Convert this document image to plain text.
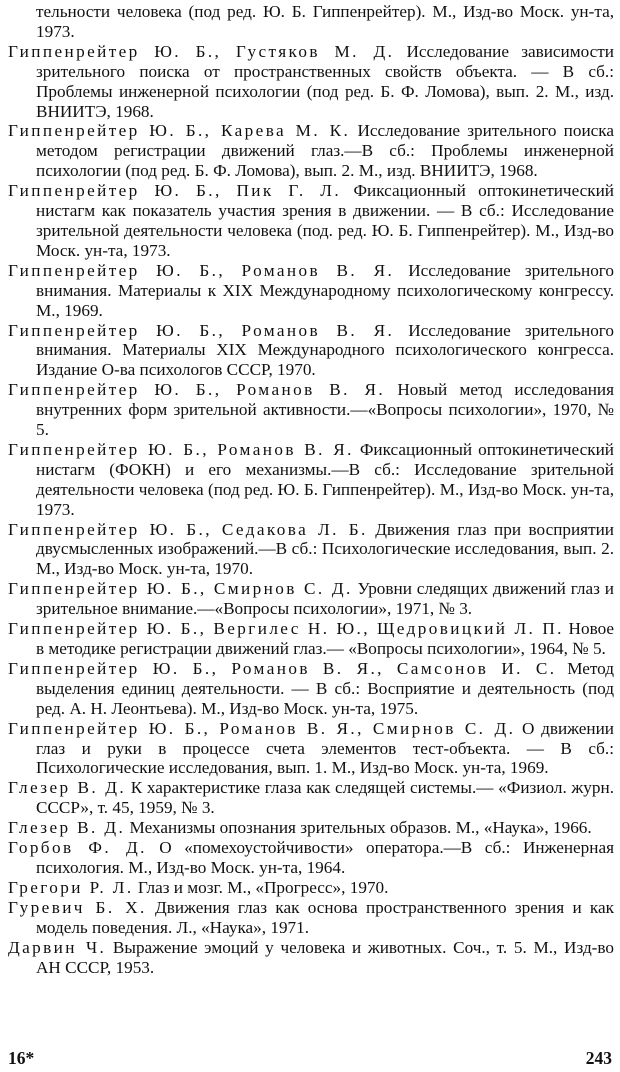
тельности человека (под ред. Ю. Б. Гиппенрейтер). М., Изд-во Моск. ун-та, 1973.

Гиппенрейтер Ю. Б., Густяков М. Д. Исследование зависимости зрительного поиска от пространственных свойств объекта. — В сб.: Проблемы инженерной психологии (под ред. Б. Ф. Ломова), вып. 2. М., изд. ВНИИТЭ, 1968.

Гиппенрейтер Ю. Б., Карева М. К. Исследование зрительного поиска методом регистрации движений глаз.—В сб.: Проблемы инженерной психологии (под ред. Б. Ф. Ломова), вып. 2. М., изд. ВНИИТЭ, 1968.

Гиппенрейтер Ю. Б., Пик Г. Л. Фиксационный оптокинетический нистагм как показатель участия зрения в движении. — В сб.: Исследование зрительной деятельности человека (под. ред. Ю. Б. Гиппенрейтер). М., Изд-во Моск. ун-та, 1973.

Гиппенрейтер Ю. Б., Романов В. Я. Исследование зрительного внимания. Материалы к XIX Международному психологическому конгрессу. М., 1969.

Гиппенрейтер Ю. Б., Романов В. Я. Исследование зрительного внимания. Материалы XIX Международного психологического конгресса. Издание О-ва психологов СССР, 1970.

Гиппенрейтер Ю. Б., Романов В. Я. Новый метод исследования внутренних форм зрительной активности.—«Вопросы психологии», 1970, № 5.

Гиппенрейтер Ю. Б., Романов В. Я. Фиксационный оптокинетический нистагм (ФОКН) и его механизмы.—В сб.: Исследование зрительной деятельности человека (под ред. Ю. Б. Гиппенрейтер). М., Изд-во Моск. ун-та, 1973.

Гиппенрейтер Ю. Б., Седакова Л. Б. Движения глаз при восприятии двусмысленных изображений.—В сб.: Психологические исследования, вып. 2. М., Изд-во Моск. ун-та, 1970.

Гиппенрейтер Ю. Б., Смирнов С. Д. Уровни следящих движений глаз и зрительное внимание.—«Вопросы психологии», 1971, № 3.

Гиппенрейтер Ю. Б., Вергилес Н. Ю., Щедровицкий Л. П. Новое в методике регистрации движений глаз.— «Вопросы психологии», 1964, № 5.

Гиппенрейтер Ю. Б., Романов В. Я., Самсонов И. С. Метод выделения единиц деятельности. — В сб.: Восприятие и деятельность (под ред. А. Н. Леонтьева). М., Изд-во Моск. ун-та, 1975.

Гиппенрейтер Ю. Б., Романов В. Я., Смирнов С. Д. О движении глаз и руки в процессе счета элементов тест-объекта. — В сб.: Психологические исследования, вып. 1. М., Изд-во Моск. ун-та, 1969.

Глезер В. Д. К характеристике глаза как следящей системы.— «Физиол. журн. СССР», т. 45, 1959, № 3.

Глезер В. Д. Механизмы опознания зрительных образов. М., «Наука», 1966.

Горбов Ф. Д. О «помехоустойчивости» оператора.—В сб.: Инженерная психология. М., Изд-во Моск. ун-та, 1964.

Грегори Р. Л. Глаз и мозг. М., «Прогресс», 1970.

Гуревич Б. Х. Движения глаз как основа пространственного зрения и как модель поведения. Л., «Наука», 1971.

Дарвин Ч. Выражение эмоций у человека и животных. Соч., т. 5. М., Изд-во АН СССР, 1953.

16*	243
